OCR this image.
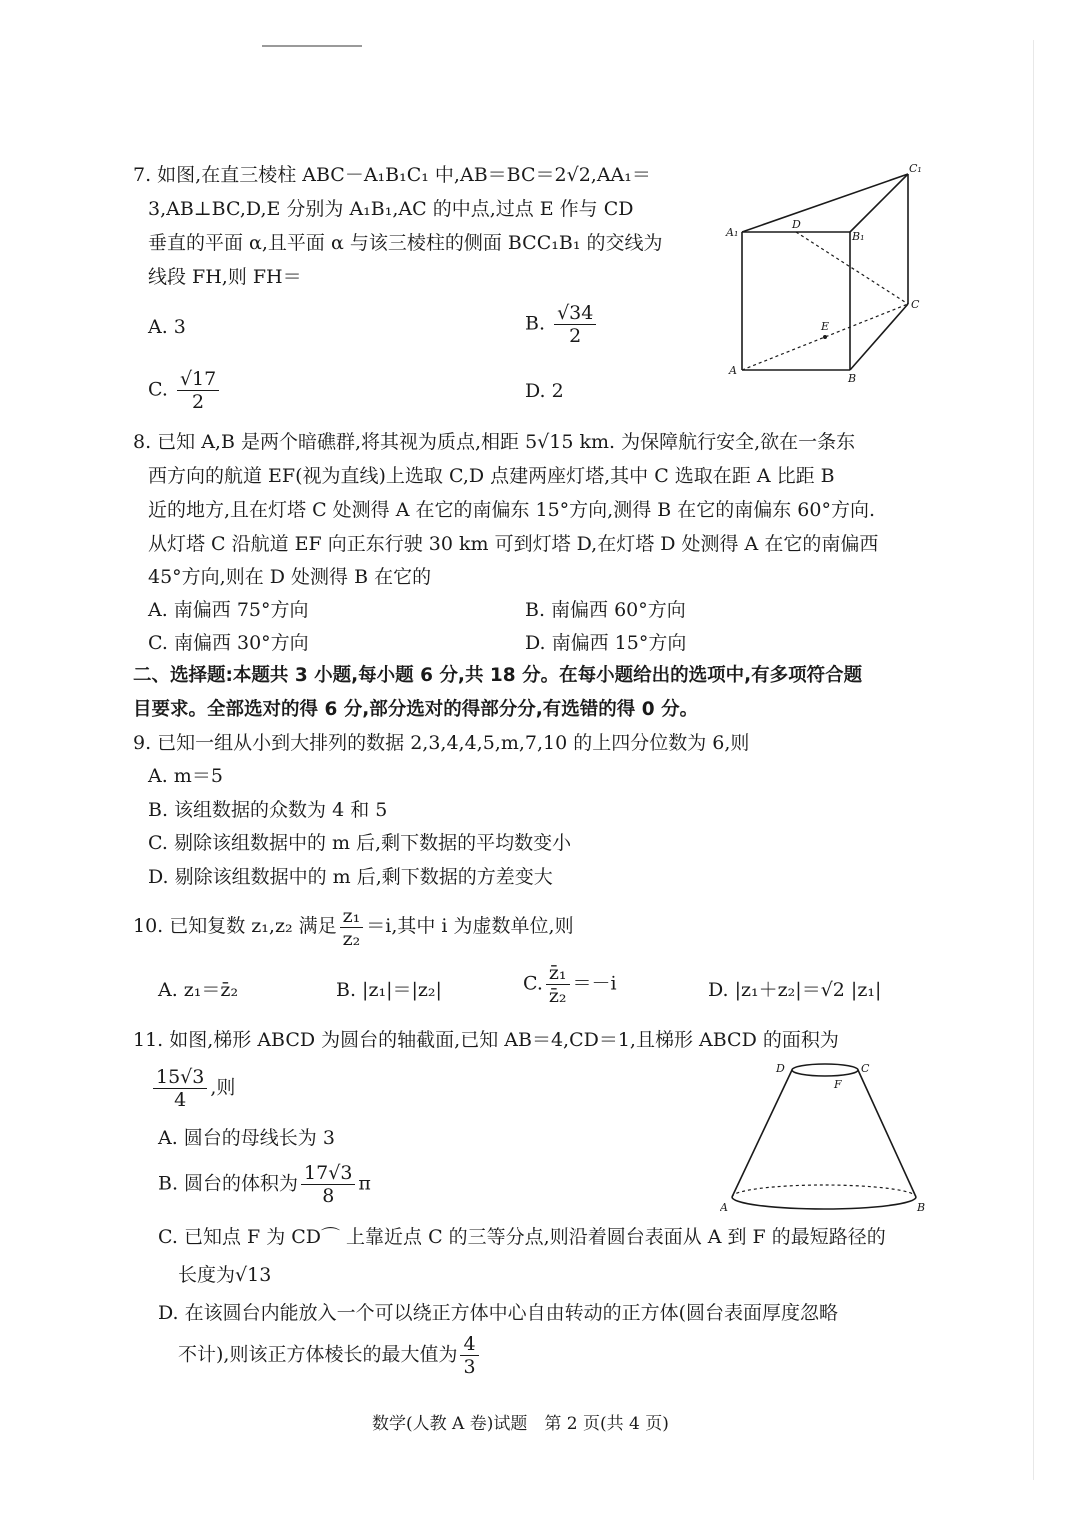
7. 如图,在直三棱柱 ABC－A₁B₁C₁ 中,AB＝BC＝2√2,AA₁＝
3,AB⊥BC,D,E 分别为 A₁B₁,AC 的中点,过点 E 作与 CD
垂直的平面 α,且平面 α 与该三棱柱的侧面 BCC₁B₁ 的交线为
线段 FH,则 FH＝
A. 3	B. $\frac{√34}{2}$
C. $\frac{√17}{2}$	D. 2
A₁
D
B₁
C₁
C
E
A
B
8. 已知 A,B 是两个暗礁群,将其视为质点,相距 5√15 km. 为保障航行安全,欲在一条东
西方向的航道 EF(视为直线)上选取 C,D 点建两座灯塔,其中 C 选取在距 A 比距 B
近的地方,且在灯塔 C 处测得 A 在它的南偏东 15°方向,测得 B 在它的南偏东 60°方向.
从灯塔 C 沿航道 EF 向正东行驶 30 km 可到灯塔 D,在灯塔 D 处测得 A 在它的南偏西
45°方向,则在 D 处测得 B 在它的
A. 南偏西 75°方向	B. 南偏西 60°方向
C. 南偏西 30°方向	D. 南偏西 15°方向
二、选择题:本题共 3 小题,每小题 6 分,共 18 分。在每小题给出的选项中,有多项符合题
目要求。全部选对的得 6 分,部分选对的得部分分,有选错的得 0 分。
9. 已知一组从小到大排列的数据 2,3,4,4,5,m,7,10 的上四分位数为 6,则
A. m＝5
B. 该组数据的众数为 4 和 5
C. 剔除该组数据中的 m 后,剩下数据的平均数变小
D. 剔除该组数据中的 m 后,剩下数据的方差变大
10. 已知复数 z₁,z₂ 满足 $\frac{\text{z₁}}{\text{z₂}} =i$,其中 i 为虚数单位,则
A. z₁＝z̄₂	B. |z₁|＝|z₂|	C. $\frac{\text{z̄₁}}{\text{z̄₂}} =-i$	D. |z₁＋z₂|＝√2 |z₁|
11. 如图,梯形 ABCD 为圆台的轴截面,已知 AB＝4,CD＝1,且梯形 ABCD 的面积为
$\frac{15√3}{4}$ ,则
A. 圆台的母线长为 3
B. 圆台的体积为 $\frac{17√3}{8}$ π
C. 已知点 F 为 CD⌒ 上靠近点 C 的三等分点,则沿着圆台表面从 A 到 F 的最短路径的
长度为√13
D. 在该圆台内能放入一个可以绕正方体中心自由转动的正方体(圆台表面厚度忽略
不计),则该正方体棱长的最大值为 $\frac{4}{3}$
D	C
F
A	B
数学(人教 A 卷)试题　第 2 页(共 4 页)
